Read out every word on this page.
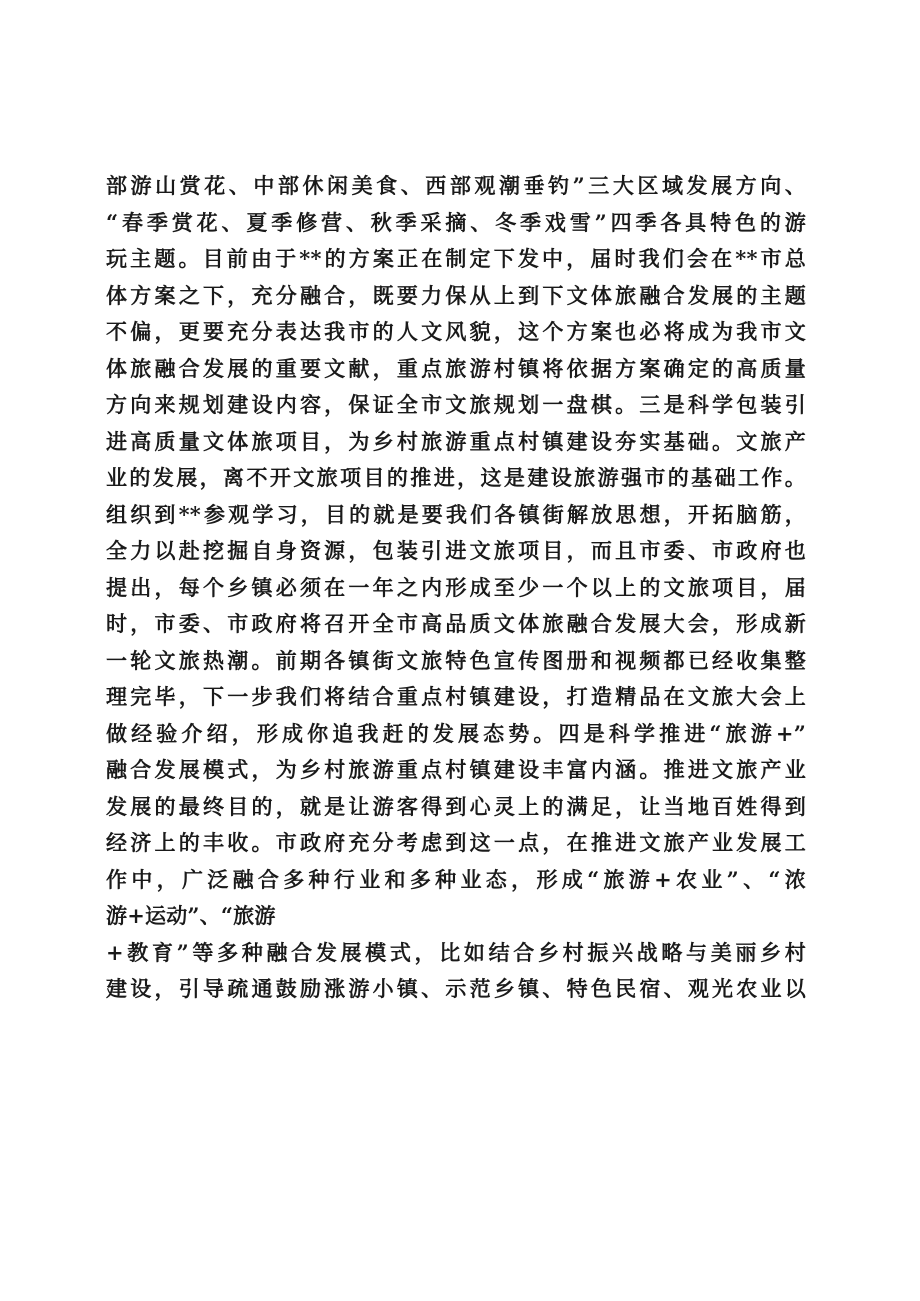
部游山赏花、中部休闲美食、西部观潮垂钓”三大区域发展方向、
“春季赏花、夏季修营、秋季采摘、冬季戏雪”四季各具特色的游
玩主题。目前由于**的方案正在制定下发中，届时我们会在**市总
体方案之下，充分融合，既要力保从上到下文体旅融合发展的主题
不偏，更要充分表达我市的人文风貌，这个方案也必将成为我市文
体旅融合发展的重要文献，重点旅游村镇将依据方案确定的高质量
方向来规划建设内容，保证全市文旅规划一盘棋。三是科学包装引
进高质量文体旅项目，为乡村旅游重点村镇建设夯实基础。文旅产
业的发展，离不开文旅项目的推进，这是建设旅游强市的基础工作。
组织到**参观学习，目的就是要我们各镇街解放思想，开拓脑筋，
全力以赴挖掘自身资源，包装引进文旅项目，而且市委、市政府也
提出，每个乡镇必须在一年之内形成至少一个以上的文旅项目，届
时，市委、市政府将召开全市高品质文体旅融合发展大会，形成新
一轮文旅热潮。前期各镇街文旅特色宣传图册和视频都已经收集整
理完毕，下一步我们将结合重点村镇建设，打造精品在文旅大会上
做经验介绍，形成你追我赶的发展态势。四是科学推进“旅游+”
融合发展模式，为乡村旅游重点村镇建设丰富内涵。推进文旅产业
发展的最终目的，就是让游客得到心灵上的满足，让当地百姓得到
经济上的丰收。市政府充分考虑到这一点，在推进文旅产业发展工
作中，广泛融合多种行业和多种业态，形成“旅游+农业”、“浓
游+运动”、“旅游
+教育”等多种融合发展模式，比如结合乡村振兴战略与美丽乡村
建设，引导疏通鼓励涨游小镇、示范乡镇、特色民宿、观光农业以
